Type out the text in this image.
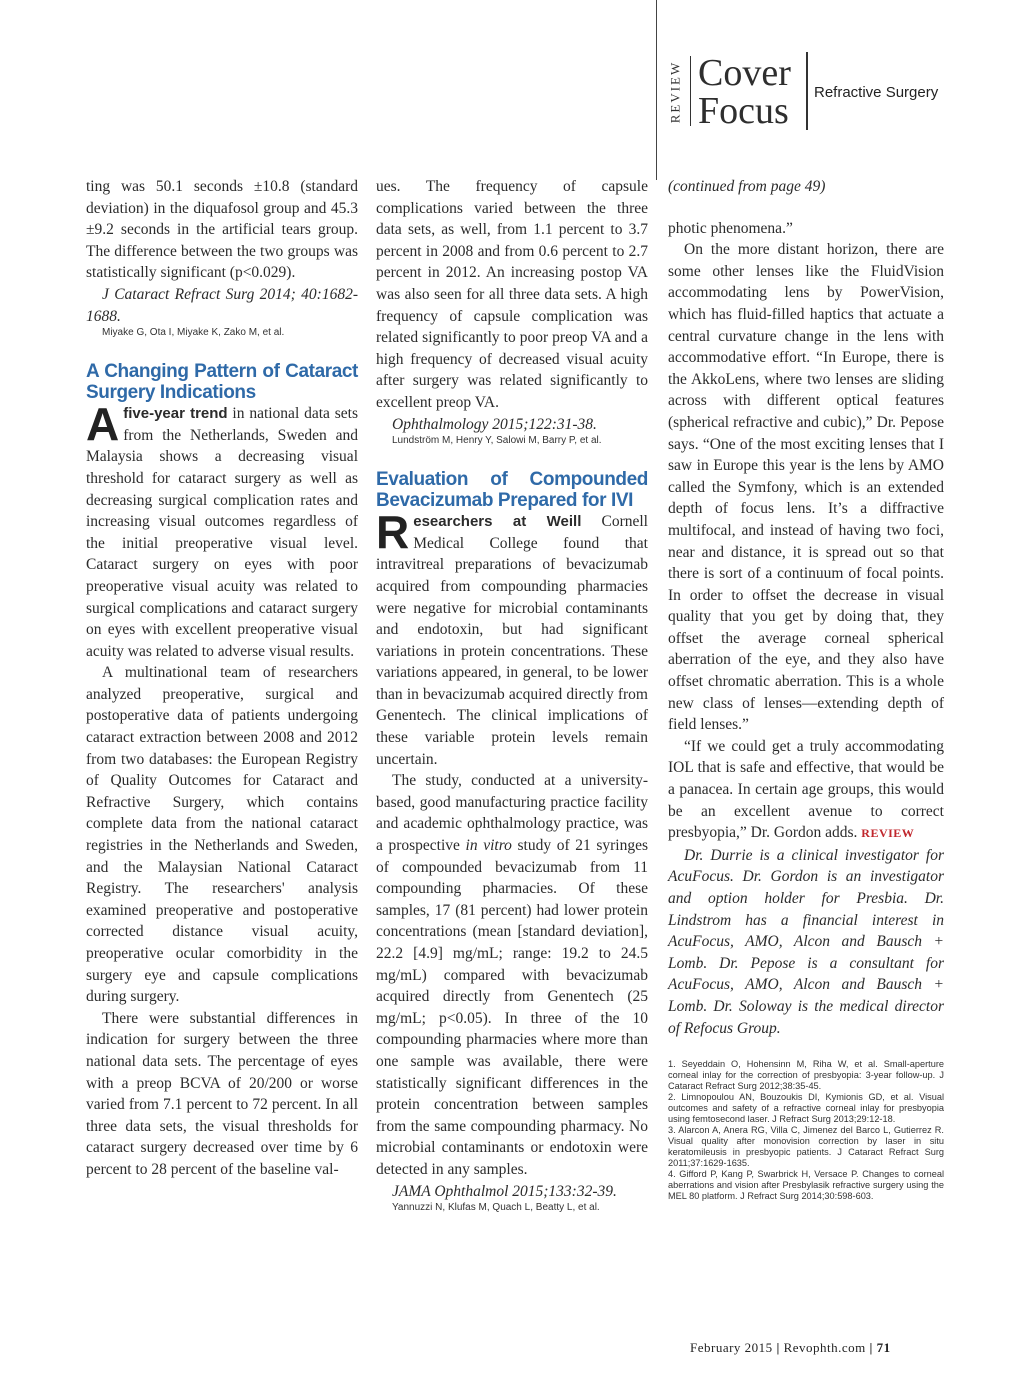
REVIEW Cover
Focus Refractive Surgery

ting was 50.1 seconds ±10.8 (standard deviation) in the diquafosol group and 45.3 ±9.2 seconds in the artificial tears group. The difference between the two groups was statistically significant (p<0.029).

J Cataract Refract Surg 2014; 40:1682-1688.

Miyake G, Ota I, Miyake K, Zako M, et al.

A Changing Pattern of Cataract Surgery Indications

Afive-year trend in national data sets from the Netherlands, Sweden and Malaysia shows a decreasing visual threshold for cataract surgery as well as decreasing surgical complication rates and increasing visual outcomes regardless of the initial preoperative visual level. Cataract surgery on eyes with poor preoperative visual acuity was related to surgical complications and cataract surgery on eyes with excellent preoperative visual acuity was related to adverse visual results.

A multinational team of researchers analyzed preoperative, surgical and postoperative data of patients undergoing cataract extraction between 2008 and 2012 from two databases: the European Registry of Quality Outcomes for Cataract and Refractive Surgery, which contains complete data from the national cataract registries in the Netherlands and Sweden, and the Malaysian National Cataract Registry. The researchers' analysis examined preoperative and postoperative corrected distance visual acuity, preoperative ocular comorbidity in the surgery eye and capsule complications during surgery.

There were substantial differences in indication for surgery between the three national data sets. The percentage of eyes with a preop BCVA of 20/200 or worse varied from 7.1 percent to 72 percent. In all three data sets, the visual thresholds for cataract surgery decreased over time by 6 percent to 28 percent of the baseline val-

ues. The frequency of capsule complications varied between the three data sets, as well, from 1.1 percent to 3.7 percent in 2008 and from 0.6 percent to 2.7 percent in 2012. An increasing postop VA was also seen for all three data sets. A high frequency of capsule complication was related significantly to poor preop VA and a high frequency of decreased visual acuity after surgery was related significantly to excellent preop VA.

Ophthalmology 2015;122:31-38.

Lundström M, Henry Y, Salowi M, Barry P, et al.

Evaluation of Compounded Bevacizumab Prepared for IVI

Researchers at Weill Cornell Medical College found that intravitreal preparations of bevacizumab acquired from compounding pharmacies were negative for microbial contaminants and endotoxin, but had significant variations in protein concentrations. These variations appeared, in general, to be lower than in bevacizumab acquired directly from Genentech. The clinical implications of these variable protein levels remain uncertain.

The study, conducted at a university-based, good manufacturing practice facility and academic ophthalmology practice, was a prospective in vitro study of 21 syringes of compounded bevacizumab from 11 compounding pharmacies. Of these samples, 17 (81 percent) had lower protein concentrations (mean [standard deviation], 22.2 [4.9] mg/mL; range: 19.2 to 24.5 mg/mL) compared with bevacizumab acquired directly from Genentech (25 mg/mL; p<0.05). In three of the 10 compounding pharmacies where more than one sample was available, there were statistically significant differences in the protein concentration between samples from the same compounding pharmacy. No microbial contaminants or endotoxin were detected in any samples.

JAMA Ophthalmol 2015;133:32-39.

Yannuzzi N, Klufas M, Quach L, Beatty L, et al.

(continued from page 49)

photic phenomena.”

On the more distant horizon, there are some other lenses like the FluidVision accommodating lens by PowerVision, which has fluid-filled haptics that actuate a central curvature change in the lens with accommodative effort. “In Europe, there is the AkkoLens, where two lenses are sliding across with different optical features (spherical refractive and cubic),” Dr. Pepose says. “One of the most exciting lenses that I saw in Europe this year is the lens by AMO called the Symfony, which is an extended depth of focus lens. It’s a diffractive multifocal, and instead of having two foci, near and distance, it is spread out so that there is sort of a continuum of focal points. In order to offset the decrease in visual quality that you get by doing that, they offset the average corneal spherical aberration of the eye, and they also have offset chromatic aberration. This is a whole new class of lenses—extending depth of field lenses.”

“If we could get a truly accommodating IOL that is safe and effective, that would be a panacea. In certain age groups, this would be an excellent avenue to correct presbyopia,” Dr. Gordon adds. REVIEW

Dr. Durrie is a clinical investigator for AcuFocus. Dr. Gordon is an investigator and option holder for Presbia. Dr. Lindstrom has a financial interest in AcuFocus, AMO, Alcon and Bausch + Lomb. Dr. Pepose is a consultant for AcuFocus, AMO, Alcon and Bausch + Lomb. Dr. Soloway is the medical director of Refocus Group.

1. Seyeddain O, Hohensinn M, Riha W, et al. Small-aperture corneal inlay for the correction of presbyopia: 3-year follow-up. J Cataract Refract Surg 2012;38:35-45.
2. Limnopoulou AN, Bouzoukis DI, Kymionis GD, et al. Visual outcomes and safety of a refractive corneal inlay for presbyopia using femtosecond laser. J Refract Surg 2013;29:12-18.
3. Alarcon A, Anera RG, Villa C, Jimenez del Barco L, Gutierrez R. Visual quality after monovision correction by laser in situ keratomileusis in presbyopic patients. J Cataract Refract Surg 2011;37:1629-1635.
4. Gifford P, Kang P, Swarbrick H, Versace P. Changes to corneal aberrations and vision after Presbylasik refractive surgery using the MEL 80 platform. J Refract Surg 2014;30:598-603.
February 2015 | Revophth.com | 71
